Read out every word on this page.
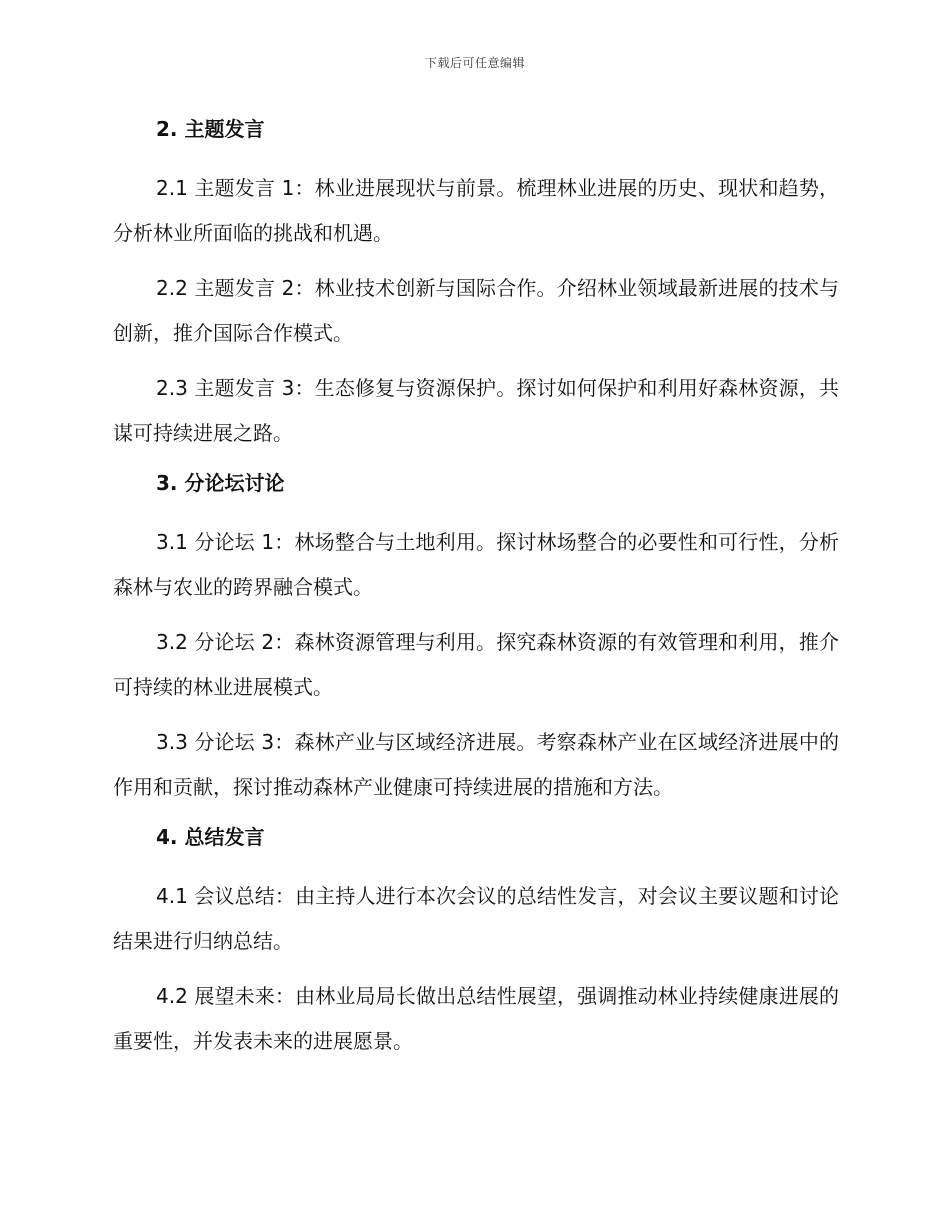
下载后可任意编辑
2. 主题发言

2.1 主题发言 1：林业进展现状与前景。梳理林业进展的历史、现状和趋势，分析林业所面临的挑战和机遇。

2.2 主题发言 2：林业技术创新与国际合作。介绍林业领域最新进展的技术与创新，推介国际合作模式。

2.3 主题发言 3：生态修复与资源保护。探讨如何保护和利用好森林资源，共谋可持续进展之路。

3. 分论坛讨论

3.1 分论坛 1：林场整合与土地利用。探讨林场整合的必要性和可行性，分析森林与农业的跨界融合模式。

3.2 分论坛 2：森林资源管理与利用。探究森林资源的有效管理和利用，推介可持续的林业进展模式。

3.3 分论坛 3：森林产业与区域经济进展。考察森林产业在区域经济进展中的作用和贡献，探讨推动森林产业健康可持续进展的措施和方法。

4. 总结发言

4.1 会议总结：由主持人进行本次会议的总结性发言，对会议主要议题和讨论结果进行归纳总结。

4.2 展望未来：由林业局局长做出总结性展望，强调推动林业持续健康进展的重要性，并发表未来的进展愿景。
